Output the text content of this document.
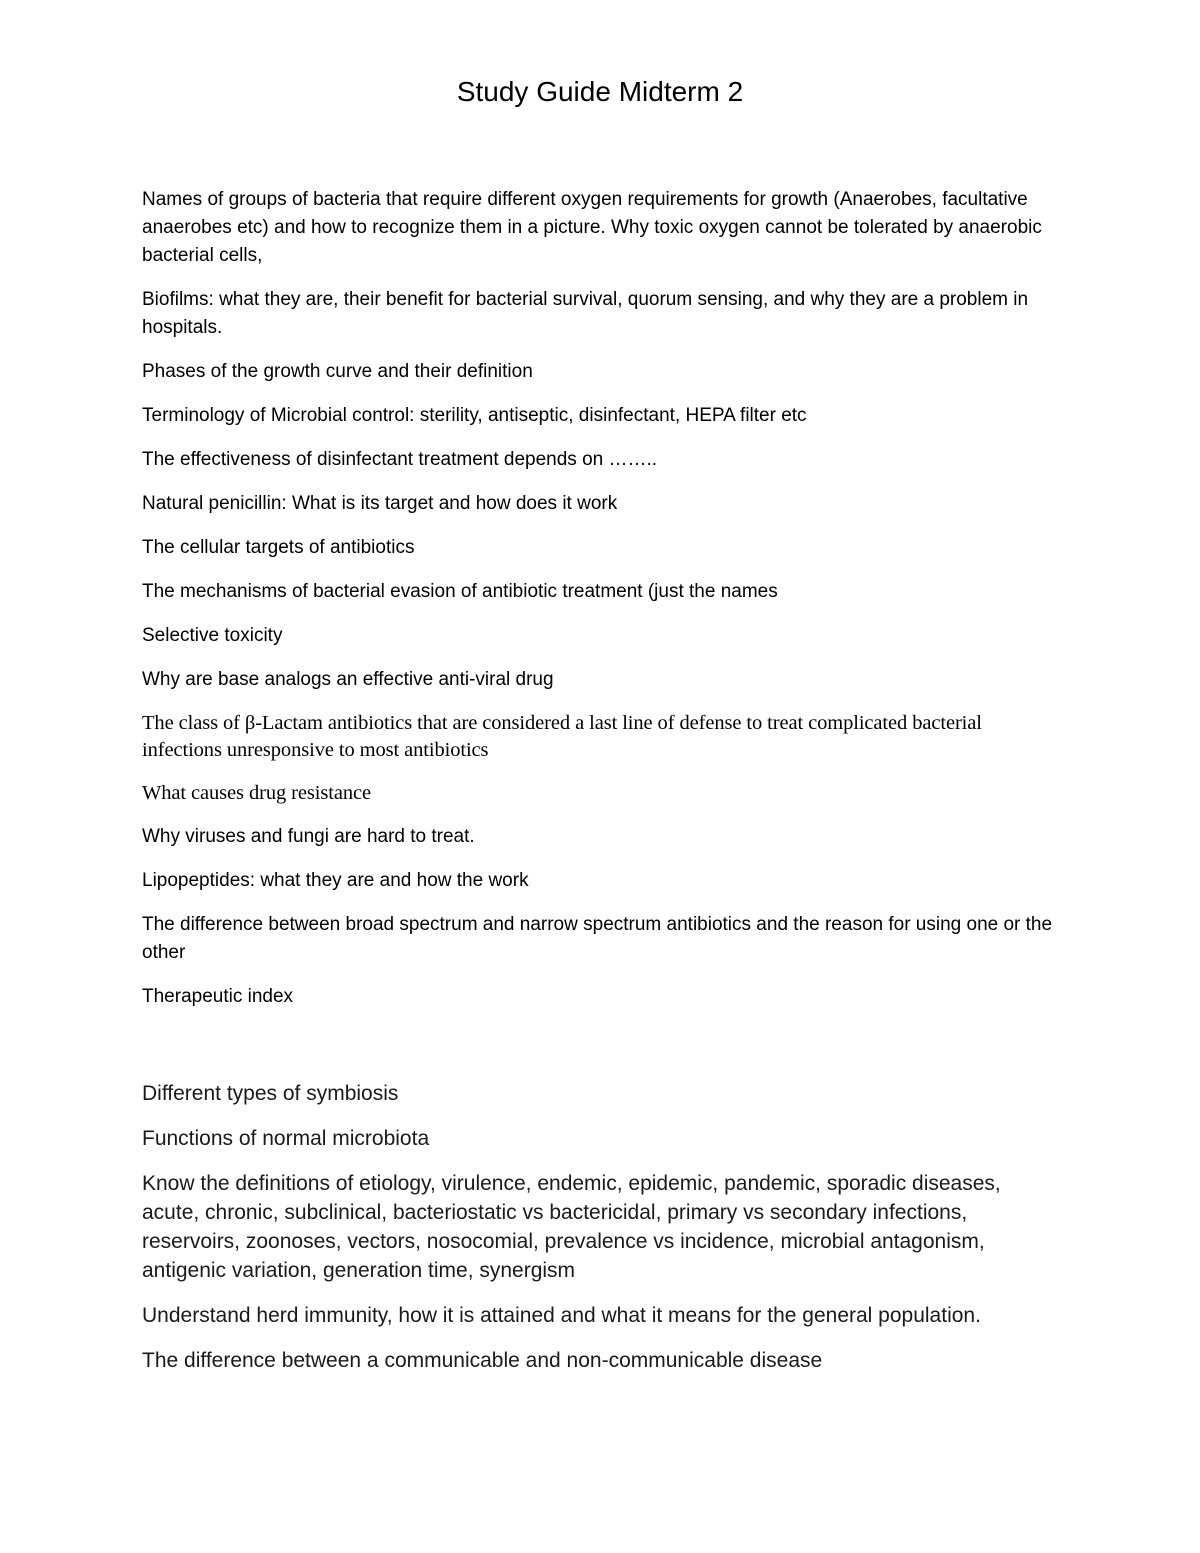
Study Guide Midterm 2

Names of groups of bacteria that require different oxygen requirements for growth (Anaerobes, facultative anaerobes etc) and how to recognize them in a picture. Why toxic oxygen cannot be tolerated by anaerobic bacterial cells,

Biofilms: what they are, their benefit for bacterial survival, quorum sensing, and why they are a problem in hospitals.

Phases of the growth curve and their definition

Terminology of Microbial control: sterility, antiseptic, disinfectant, HEPA filter etc

The effectiveness of disinfectant treatment depends on ……..

Natural penicillin: What is its target and how does it work

The cellular targets of antibiotics

The mechanisms of bacterial evasion of antibiotic treatment (just the names

Selective toxicity

Why are base analogs an effective anti-viral drug

The class of β-Lactam antibiotics that are considered a last line of defense to treat complicated bacterial infections unresponsive to most antibiotics

What causes drug resistance

Why viruses and fungi are hard to treat.

Lipopeptides: what they are and how the work

The difference between broad spectrum and narrow spectrum antibiotics and the reason for using one or the other

Therapeutic index

Different types of symbiosis

Functions of normal microbiota

Know the definitions of etiology, virulence, endemic, epidemic, pandemic, sporadic diseases, acute, chronic, subclinical, bacteriostatic vs bactericidal, primary vs secondary infections, reservoirs, zoonoses, vectors, nosocomial, prevalence vs incidence, microbial antagonism, antigenic variation, generation time, synergism

Understand herd immunity, how it is attained and what it means for the general population.

The difference between a communicable and non-communicable disease
